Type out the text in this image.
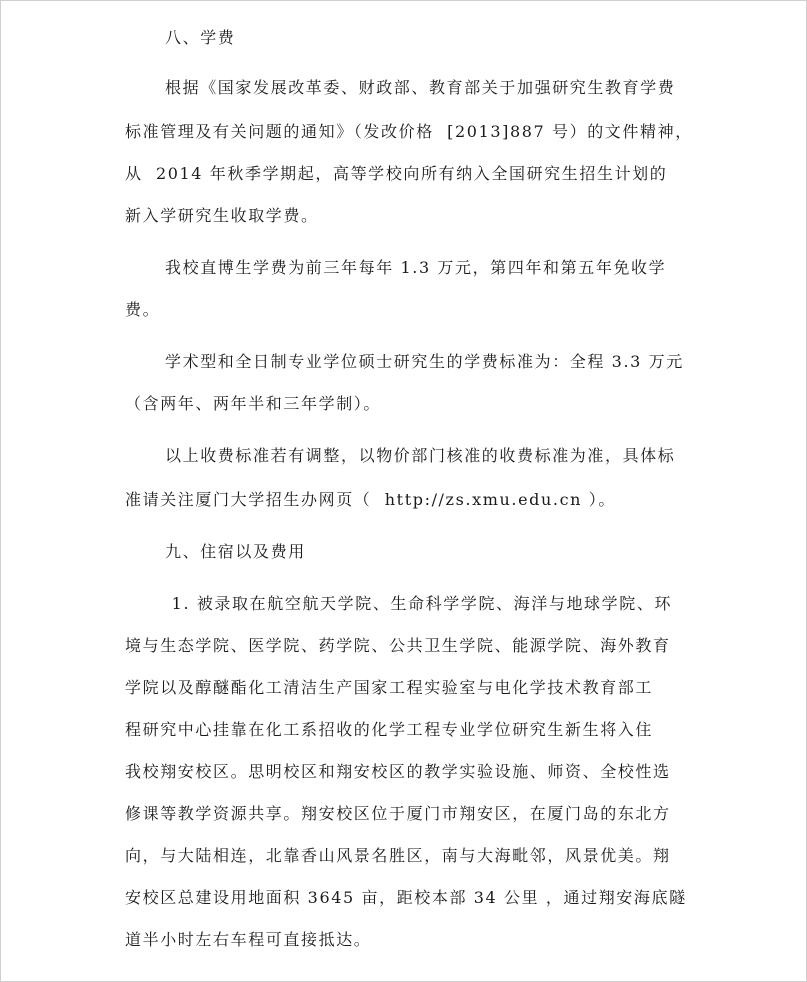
八、学费
根据《国家发展改革委、财政部、教育部关于加强研究生教育学费
标准管理及有关问题的通知》（发改价格  [2013]887 号）的文件精神，
从  2014 年秋季学期起，高等学校向所有纳入全国研究生招生计划的
新入学研究生收取学费。
我校直博生学费为前三年每年 1.3 万元，第四年和第五年免收学
费。
学术型和全日制专业学位硕士研究生的学费标准为：全程 3.3 万元
（含两年、两年半和三年学制）。
以上收费标准若有调整，以物价部门核准的收费标准为准，具体标
准请关注厦门大学招生办网页（  http://zs.xmu.edu.cn ）。
九、住宿以及费用
1. 被录取在航空航天学院、生命科学学院、海洋与地球学院、环
境与生态学院、医学院、药学院、公共卫生学院、能源学院、海外教育
学院以及醇醚酯化工清洁生产国家工程实验室与电化学技术教育部工
程研究中心挂靠在化工系招收的化学工程专业学位研究生新生将入住
我校翔安校区。思明校区和翔安校区的教学实验设施、师资、全校性选
修课等教学资源共享。翔安校区位于厦门市翔安区，在厦门岛的东北方
向，与大陆相连，北靠香山风景名胜区，南与大海毗邻，风景优美。翔
安校区总建设用地面积 3645 亩，距校本部 34 公里 ，通过翔安海底隧
道半小时左右车程可直接抵达。
